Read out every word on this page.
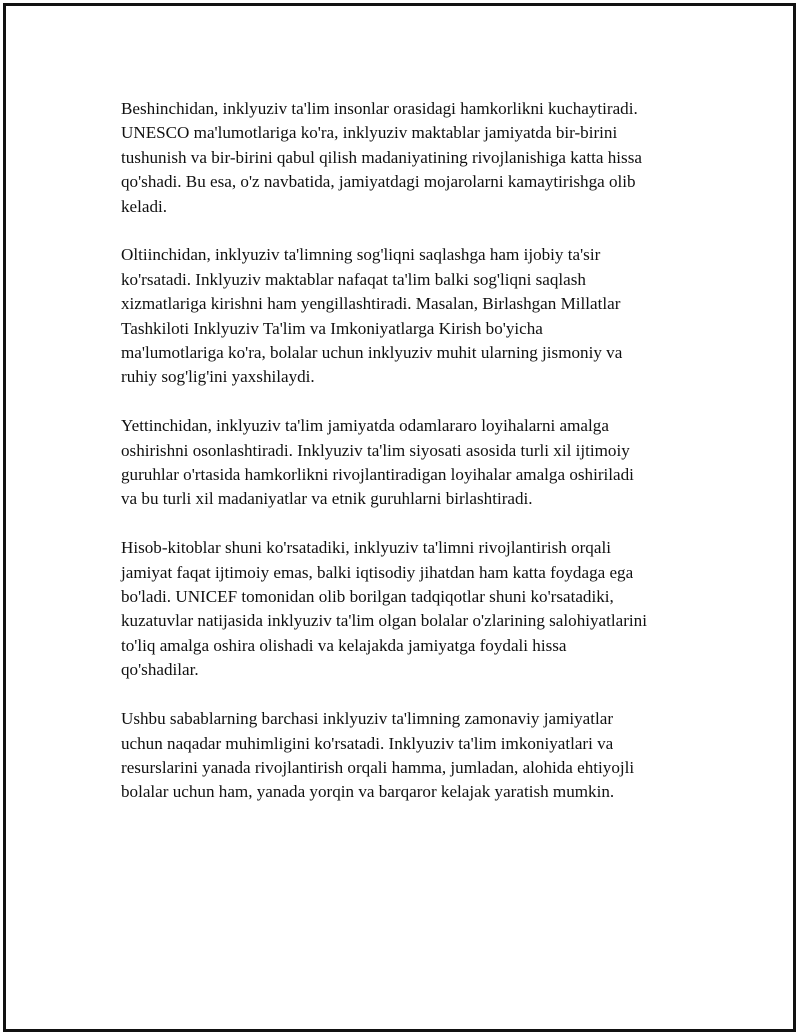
Beshinchidan, inklyuziv ta'lim insonlar orasidagi hamkorlikni kuchaytiradi.
UNESCO ma'lumotlariga ko'ra, inklyuziv maktablar jamiyatda bir-birini
tushunish va bir-birini qabul qilish madaniyatining rivojlanishiga katta hissa
qo'shadi. Bu esa, o'z navbatida, jamiyatdagi mojarolarni kamaytirishga olib
keladi.

Oltiinchidan, inklyuziv ta'limning sog'liqni saqlashga ham ijobiy ta'sir
ko'rsatadi. Inklyuziv maktablar nafaqat ta'lim balki sog'liqni saqlash
xizmatlariga kirishni ham yengillashtiradi. Masalan, Birlashgan Millatlar
Tashkiloti Inklyuziv Ta'lim va Imkoniyatlarga Kirish bo'yicha
ma'lumotlariga ko'ra, bolalar uchun inklyuziv muhit ularning jismoniy va
ruhiy sog'lig'ini yaxshilaydi.

Yettinchidan, inklyuziv ta'lim jamiyatda odamlararo loyihalarni amalga
oshirishni osonlashtiradi. Inklyuziv ta'lim siyosati asosida turli xil ijtimoiy
guruhlar o'rtasida hamkorlikni rivojlantiradigan loyihalar amalga oshiriladi
va bu turli xil madaniyatlar va etnik guruhlarni birlashtiradi.

Hisob-kitoblar shuni ko'rsatadiki, inklyuziv ta'limni rivojlantirish orqali
jamiyat faqat ijtimoiy emas, balki iqtisodiy jihatdan ham katta foydaga ega
bo'ladi. UNICEF tomonidan olib borilgan tadqiqotlar shuni ko'rsatadiki,
kuzatuvlar natijasida inklyuziv ta'lim olgan bolalar o'zlarining salohiyatlarini
to'liq amalga oshira olishadi va kelajakda jamiyatga foydali hissa
qo'shadilar.

Ushbu sabablarning barchasi inklyuziv ta'limning zamonaviy jamiyatlar
uchun naqadar muhimligini ko'rsatadi. Inklyuziv ta'lim imkoniyatlari va
resurslarini yanada rivojlantirish orqali hamma, jumladan, alohida ehtiyojli
bolalar uchun ham, yanada yorqin va barqaror kelajak yaratish mumkin.
